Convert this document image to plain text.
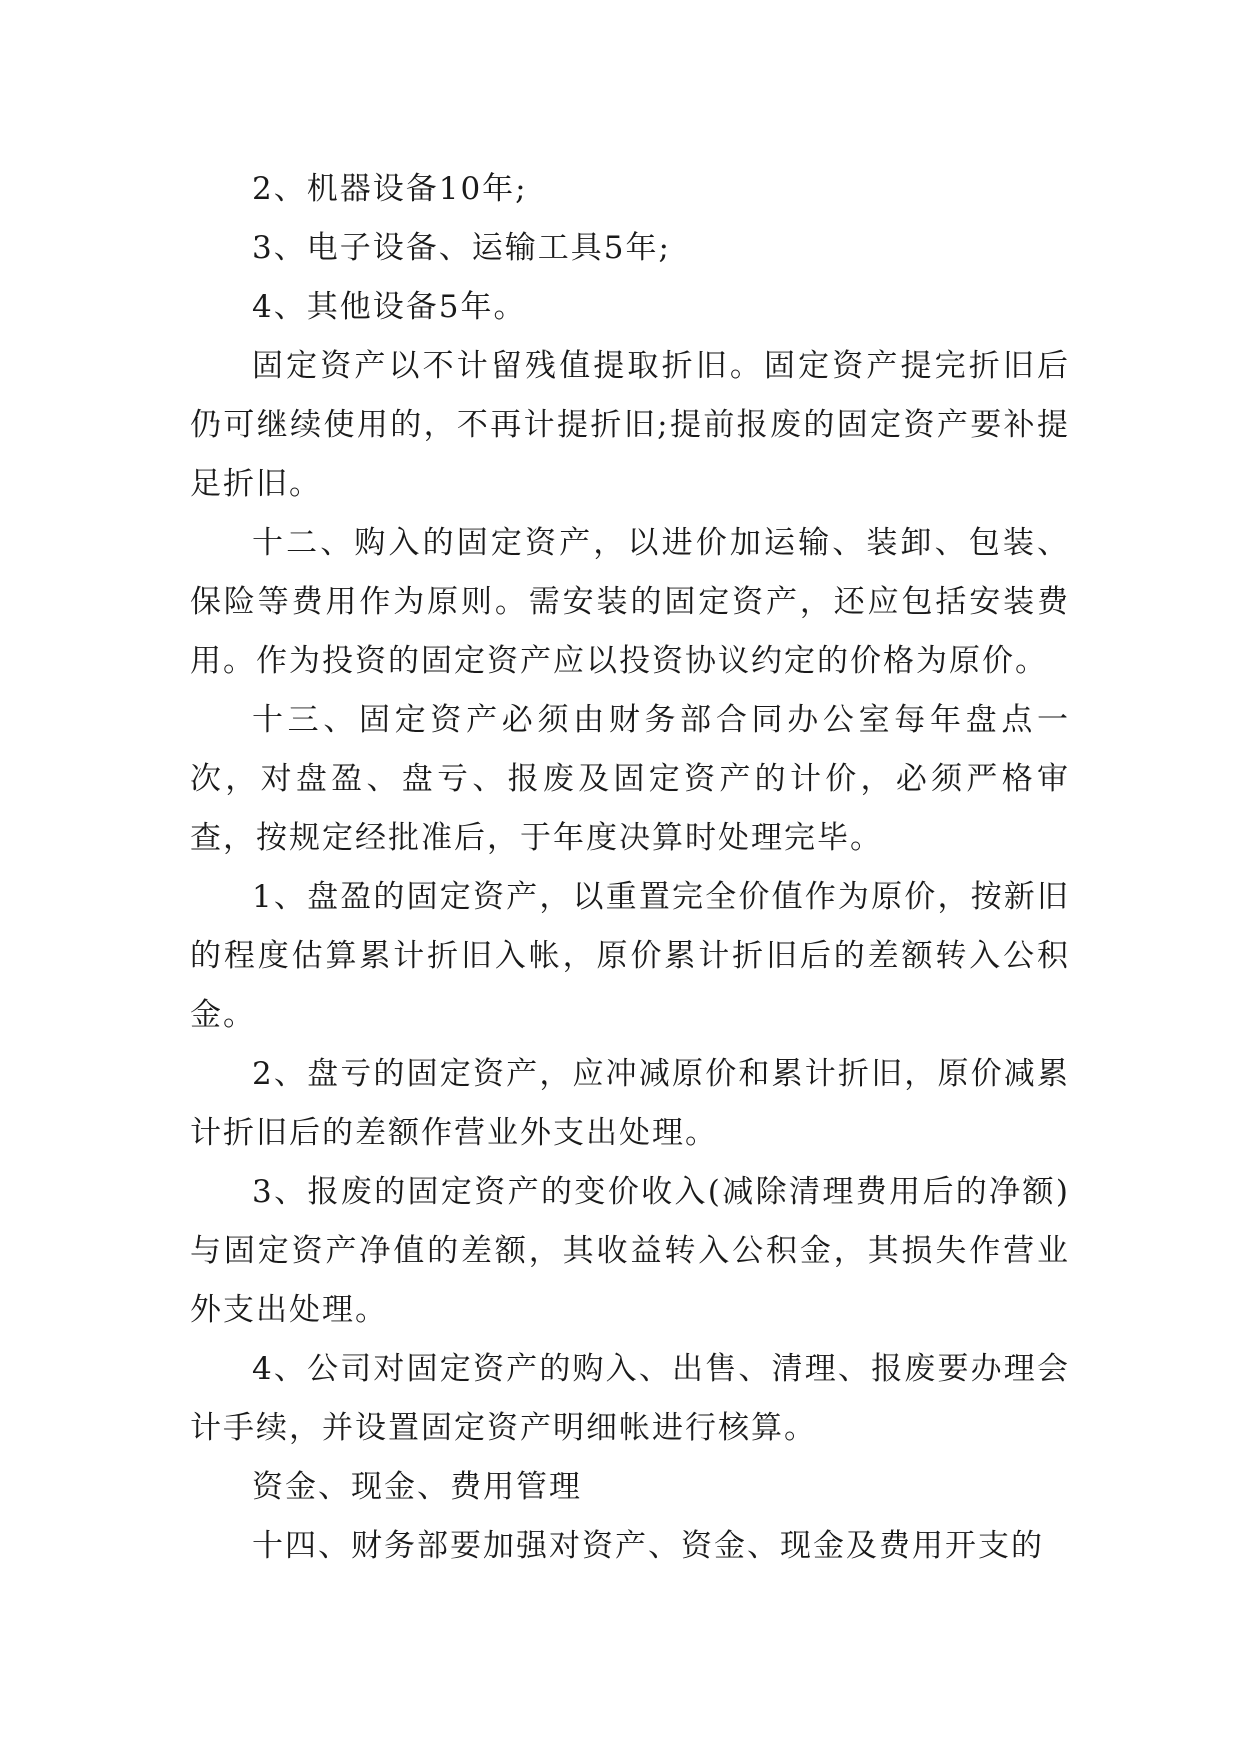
2、机器设备10年;

3、电子设备、运输工具5年;

4、其他设备5年。

固定资产以不计留残值提取折旧。固定资产提完折旧后仍可继续使用的，不再计提折旧;提前报废的固定资产要补提足折旧。

十二、购入的固定资产，以进价加运输、装卸、包装、保险等费用作为原则。需安装的固定资产，还应包括安装费用。作为投资的固定资产应以投资协议约定的价格为原价。

十三、固定资产必须由财务部合同办公室每年盘点一次，对盘盈、盘亏、报废及固定资产的计价，必须严格审查，按规定经批准后，于年度决算时处理完毕。

1、盘盈的固定资产，以重置完全价值作为原价，按新旧的程度估算累计折旧入帐，原价累计折旧后的差额转入公积金。

2、盘亏的固定资产，应冲减原价和累计折旧，原价减累计折旧后的差额作营业外支出处理。

3、报废的固定资产的变价收入(减除清理费用后的净额)与固定资产净值的差额，其收益转入公积金，其损失作营业外支出处理。

4、公司对固定资产的购入、出售、清理、报废要办理会计手续，并设置固定资产明细帐进行核算。

资金、现金、费用管理

十四、财务部要加强对资产、资金、现金及费用开支的
